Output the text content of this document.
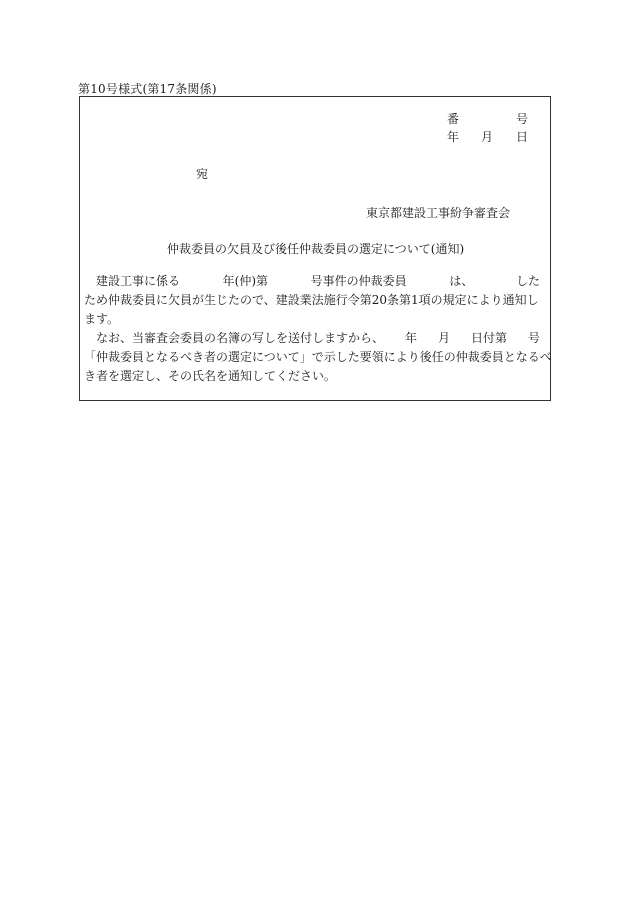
第10号様式(第17条関係)
番	号
年 月 日
宛
東京都建設工事紛争審査会
仲裁委員の欠員及び後任仲裁委員の選定について(通知)
建設工事に係る	年(仲)第	号事件の仲裁委員	は、	した
ため仲裁委員に欠員が生じたので、建設業法施行令第20条第1項の規定により通知し
ます。
なお、当審査会委員の名簿の写しを送付しますから、 年 月 日付第 号
「仲裁委員となるべき者の選定について」で示した要領により後任の仲裁委員となるべ
き者を選定し、その氏名を通知してください。
